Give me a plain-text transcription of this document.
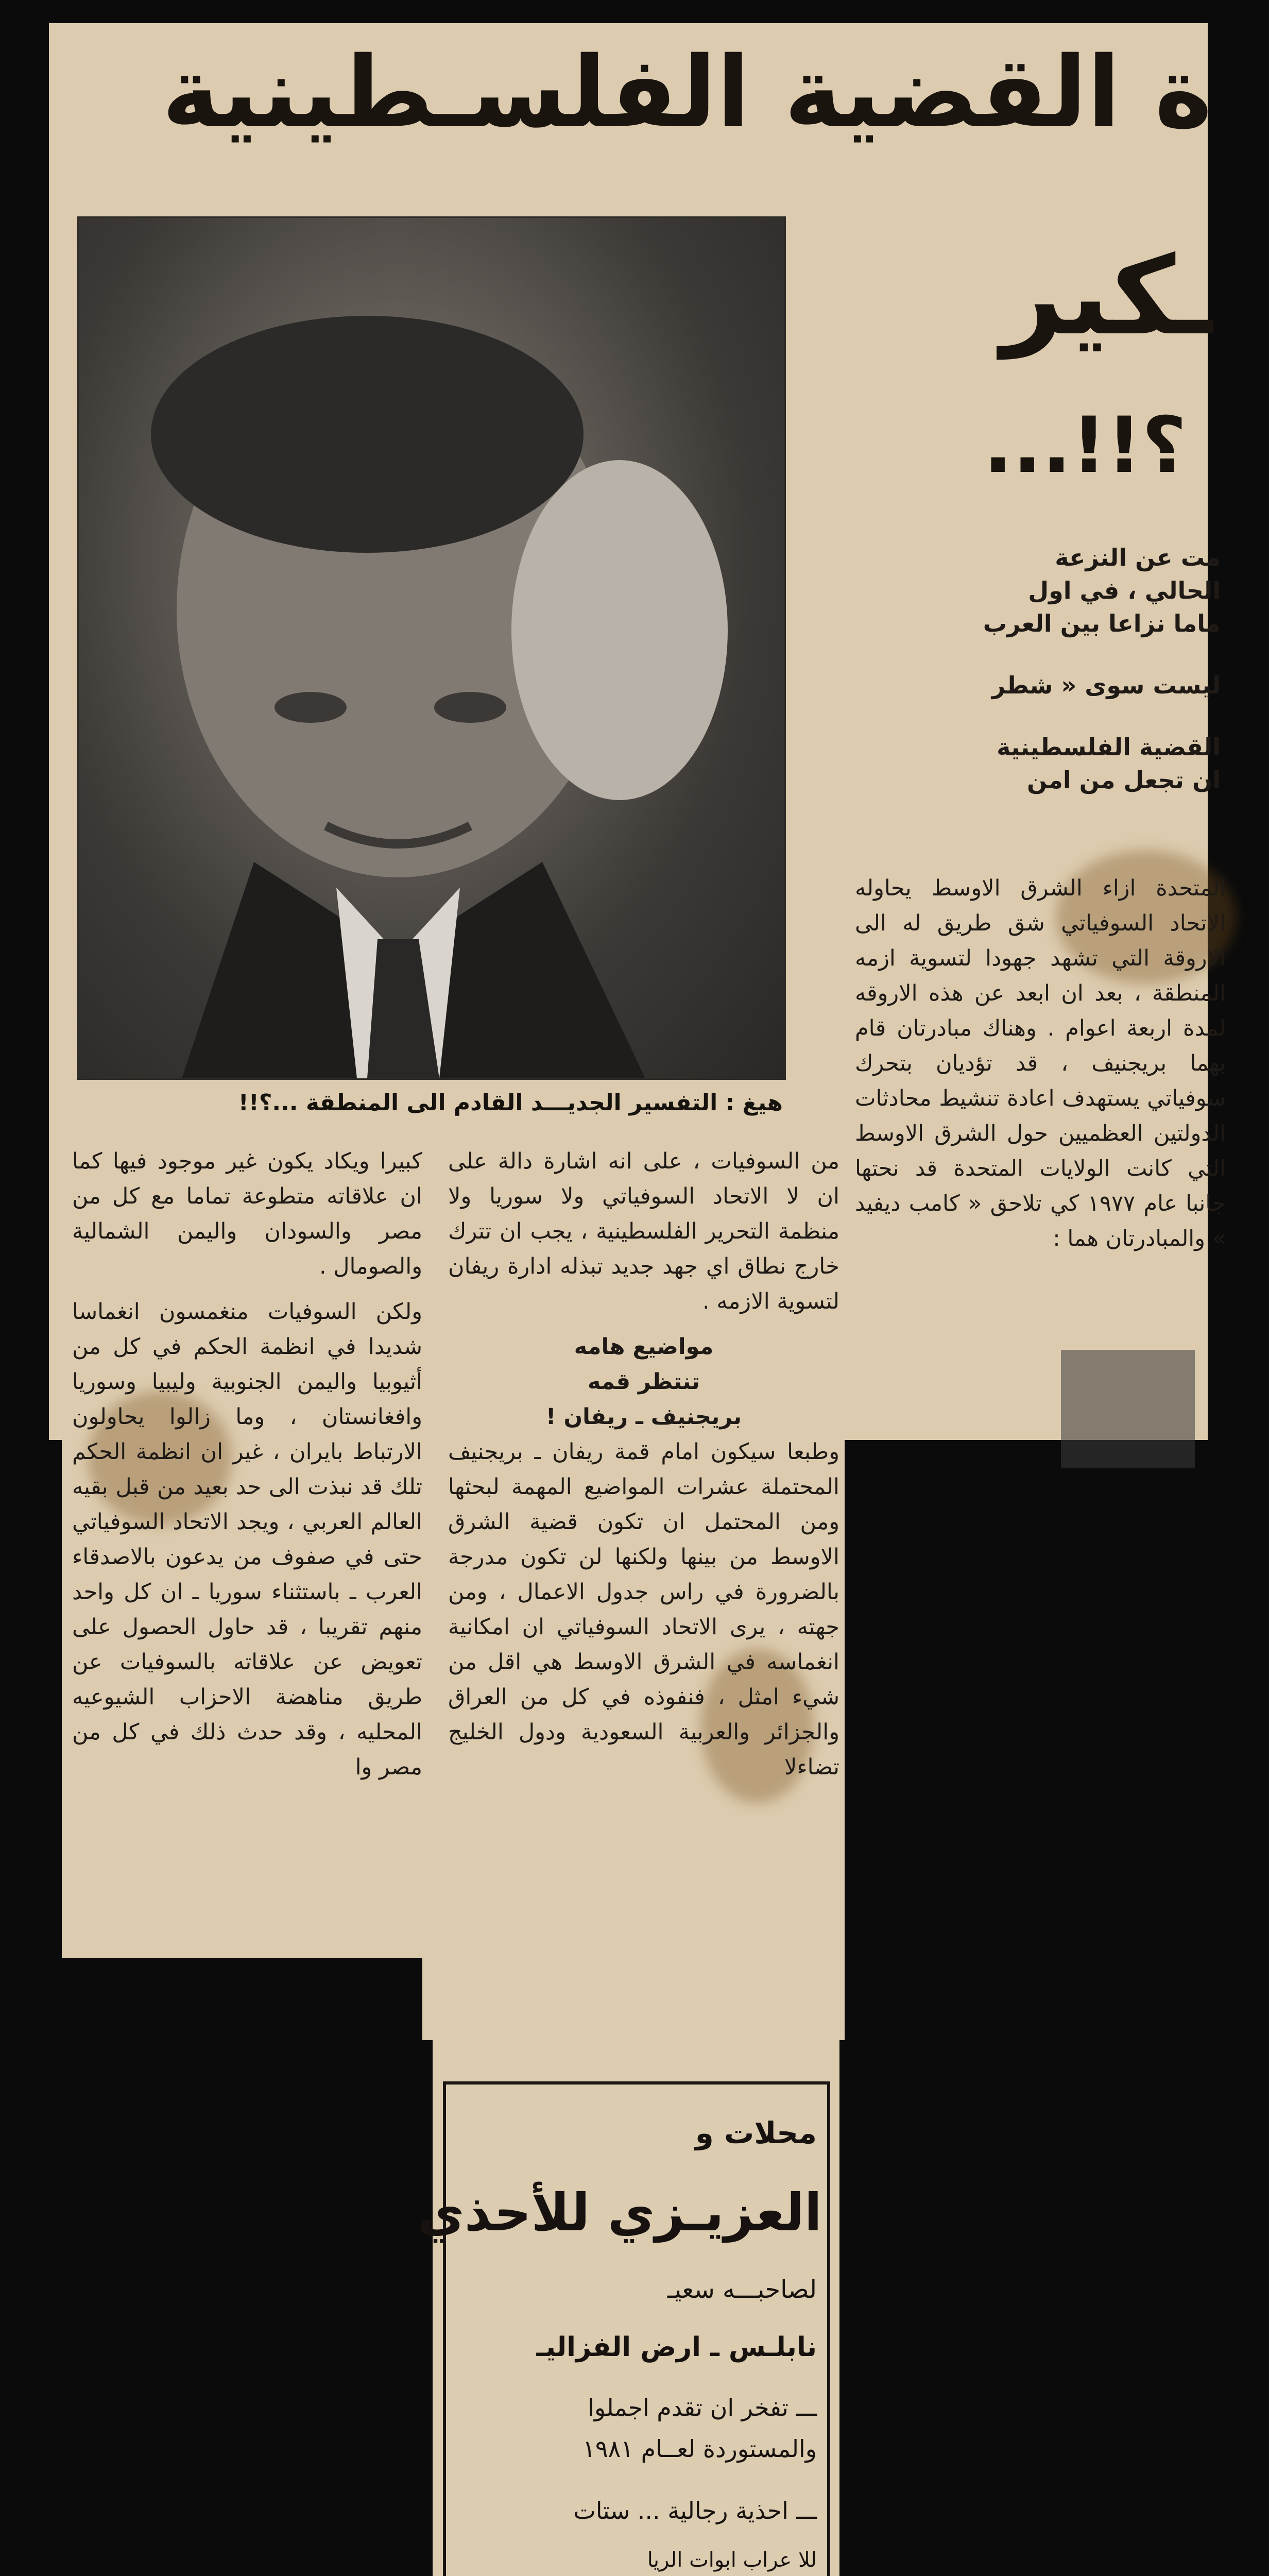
ة القضية الفلسـطينية
ـكير
؟!!...
هيغ : التفسير الجديـــد القادم الى المنطقة ...؟!!

مت عن النزعة

الحالي ، في اول

ماما نزاعا بين العرب

ليست سوى « شطر

القضية الفلسطينية

ان تجعل من امن

المتحدة ازاء الشرق الاوسط يحاوله الاتحاد السوفياتي شق طريق له الى الاروقة التي تشهد جهودا لتسوية ازمه المنطقة ، بعد ان ابعد عن هذه الاروقه لمدة اربعة اعوام . وهناك مبادرتان قام بهما بريجنيف ، قد تؤديان بتحرك سوفياتي يستهدف اعادة تنشيط محادثات الدولتين العظميين حول الشرق الاوسط التي كانت الولايات المتحدة قد نحتها جانبا عام ١٩٧٧ كي تلاحق « كامب ديفيد » والمبادرتان هما :

من السوفيات ، على انه اشارة دالة على ان لا الاتحاد السوفياتي ولا سوريا ولا منظمة التحرير الفلسطينية ، يجب ان تترك خارج نطاق اي جهد جديد تبذله ادارة ريفان لتسوية الازمه .

مواضيع هامه

تنتظر قمه

بريجنيف ـ ريفان !

وطبعا سيكون امام قمة ريفان ـ بريجنيف المحتملة عشرات المواضيع المهمة لبحثها ومن المحتمل ان تكون قضية الشرق الاوسط من بينها ولكنها لن تكون مدرجة بالضرورة في راس جدول الاعمال ، ومن جهته ، يرى الاتحاد السوفياتي ان امكانية انغماسه في الشرق الاوسط هي اقل من شيء امثل ، فنفوذه في كل من العراق والجزائر والعربية السعودية ودول الخليج تضاءلا

كبيرا ويكاد يكون غير موجود فيها كما ان علاقاته متطوعة تماما مع كل من مصر والسودان واليمن الشمالية والصومال .

ولكن السوفيات منغمسون انغماسا شديدا في انظمة الحكم في كل من أثيوبيا واليمن الجنوبية وليبيا وسوريا وافغانستان ، وما زالوا يحاولون الارتباط بايران ، غير ان انظمة الحكم تلك قد نبذت الى حد بعيد من قبل بقيه العالم العربي ، ويجد الاتحاد السوفياتي حتى في صفوف من يدعون بالاصدقاء العرب ـ باستثناء سوريا ـ ان كل واحد منهم تقريبا ، قد حاول الحصول على تعويض عن علاقاته بالسوفيات عن طريق مناهضة الاحزاب الشيوعيه المحليه ، وقد حدث ذلك في كل من مصر وا

محلات و
العزيـزي للأحذي
لصاحبـــه سعيـ
نابلـس ـ ارض الفزاليـ
ـــ تفخر ان تقدم اجملوا
والمستوردة لعــام ١٩٨١
ـــ احذية رجالية ... ستات
للا عراب ابوات الريا
